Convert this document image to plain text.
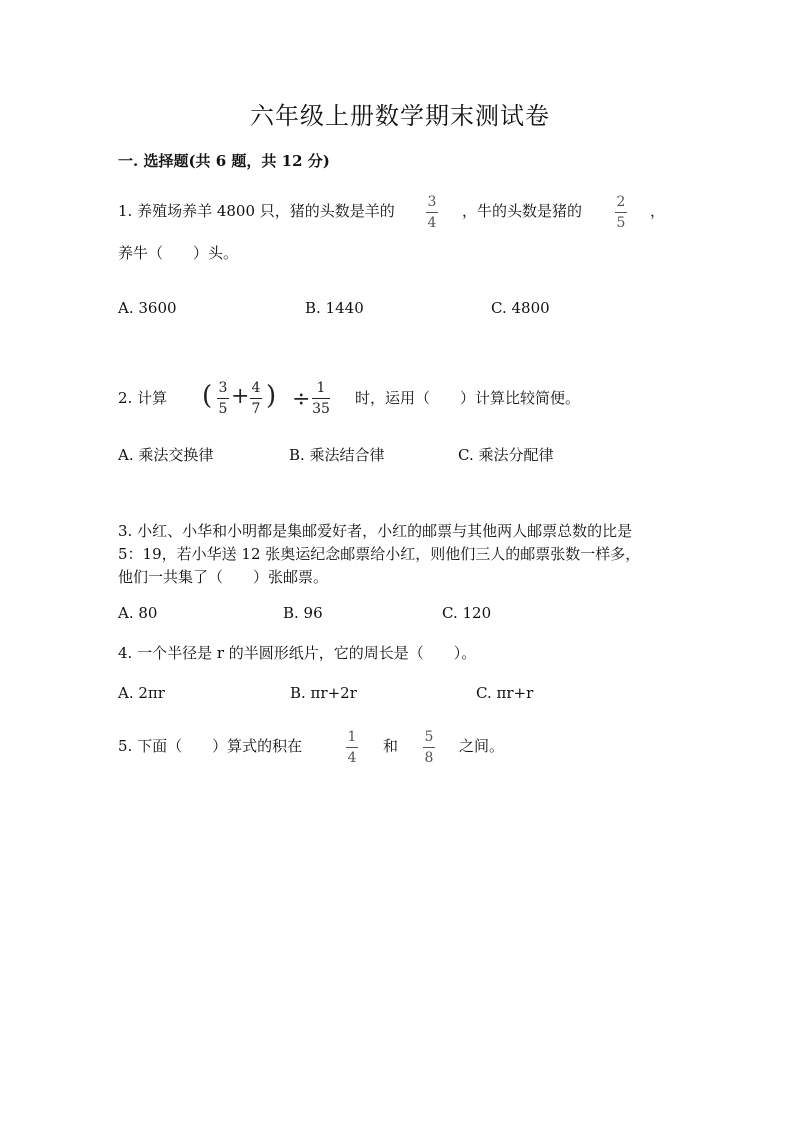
六年级上册数学期末测试卷
一. 选择题(共 6 题，共 12 分)
1. 养殖场养羊 4800 只，猪的头数是羊的 3
4
，牛的头数是猪的 2
5
，
养牛（　　）头。
A. 3600	B. 1440	C. 4800
2. 计算 ( 3
5 + 4
7 ) ÷ 1
35
时，运用（　　）计算比较简便。
A. 乘法交换律	B. 乘法结合律	C. 乘法分配律
3. 小红、小华和小明都是集邮爱好者，小红的邮票与其他两人邮票总数的比是
5：19，若小华送 12 张奥运纪念邮票给小红，则他们三人的邮票张数一样多，
他们一共集了（　　）张邮票。
A. 80	B. 96	C. 120
4. 一个半径是 r 的半圆形纸片，它的周长是（　　）。
A. 2πr	B. πr+2r	C. πr+r
5. 下面（　　）算式的积在	1
4
和 5
8
之间。
